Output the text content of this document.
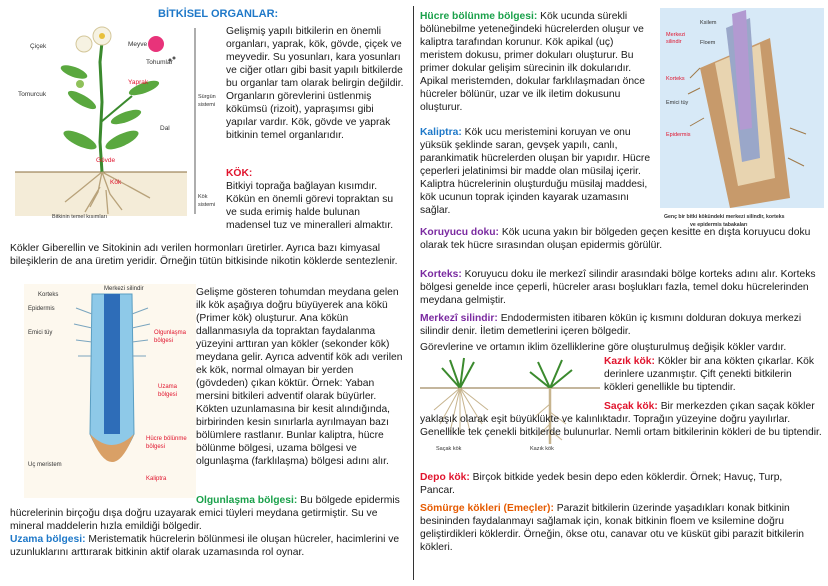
BİTKİSEL ORGANLAR:
Çiçek	Meyve
Tohumlar
Yaprak
Tomurcuk	Sürgün
sistemi
Dal
Gövde
Kök
Kök
sistemi
Bitkinin temel kısımları

Gelişmiş yapılı bitkilerin en önemli organları, yaprak, kök, gövde, çiçek ve meyvedir. Su yosunları, kara yosunları ve ciğer otları gibi basit yapılı bitkilerde bu organlar tam olarak belirgin değildir. Organların görevlerini üstlenmiş kökümsü (rizoit), yapraşımsı gibi yapılar vardır. Kök, gövde ve yaprak bitkinin temel organlarıdır.

KÖK:
Bitkiyi toprağa bağlayan kısımdır. Kökün en önemli görevi topraktan su ve suda erimiş halde bulunan madensel tuz ve mineralleri almaktır.

Kökler Giberellin ve Sitokinin adı verilen hormonları üretirler. Ayrıca bazı kimyasal bileşiklerin de ana üretim yeridir. Örneğin tütün bitkisinde nikotin köklerde sentezlenir.

Korteks
Merkezi silindir
Epidermis
Emici tüy	Olgunlaşma
bölgesi
Uzama
bölgesi
Hücre bölünme
bölgesi
Uç meristem
Kaliptra

Gelişme gösteren tohumdan meydana gelen ilk kök aşağıya doğru büyüyerek ana kökü (Primer kök) oluşturur. Ana kökün dallanmasıyla da topraktan faydalanma yüzeyini arttıran yan kökler (sekonder kök) meydana gelir. Ayrıca adventif kök adı verilen ek kök, normal olmayan bir yerden (gövdeden) çıkan köktür. Örnek: Yaban mersini bitkileri adventif olarak büyürler. Kökten uzunlamasına bir kesit alındığında, birbirinden kesin sınırlarla ayrılmayan bazı bölümlere rastlanır. Bunlar kaliptra, hücre bölünme bölgesi, uzama bölgesi ve olgunlaşma (farklılaşma) bölgesi adını alır.

Olgunlaşma bölgesi: Bu bölgede epidermis hücrelerinin birçoğu dışa doğru uzayarak emici tüyleri meydana getirmiştir. Su ve mineral maddelerin hızla emildiği bölgedir.

Uzama bölgesi: Meristematik hücrelerin bölünmesi ile oluşan hücreler, hacimlerini ve uzunluklarını arttırarak bitkinin aktif olarak uzamasında rol oynar.

Hücre bölünme bölgesi: Kök ucunda sürekli bölünebilme yeteneğindeki hücrelerden oluşur ve kaliptra tarafından korunur. Kök apikal (uç) meristem dokusu, primer dokuları oluşturur. Bu primer dokular gelişim sürecinin ilk dokularıdır. Apikal meristemden, dokular farklılaşmadan önce hücreler bölünür, uzar ve ilk iletim dokusunu oluşturur.
Kaliptra: Kök ucu meristemini koruyan ve onu yüksük şeklinde saran, gevşek yapılı, canlı, parankimatik hücrelerden oluşan bir yapıdır. Hücre çeperleri jelatinimsi bir madde olan müsilaj içerir. Kaliptra hücrelerinin oluşturduğu müsilaj maddesi, kök ucunun toprak içinden kayarak uzamasını sağlar.
Merkezi
silindir
Ksilem
Floem
Korteks
Emici tüy
Epidermis
Genç bir bitki kökündeki merkezi silindir, korteks
ve epidermis tabakaları
Koruyucu doku: Kök ucuna yakın bir bölgeden geçen kesitte en dışta koruyucu doku olarak tek hücre sırasından oluşan epidermis görülür.
Korteks: Koruyucu doku ile merkezî silindir arasındaki bölge korteks adını alır. Korteks bölgesi genelde ince çeperli, hücreler arası boşlukları fazla, temel doku hücrelerinden meydana gelmiştir.
Merkezî silindir: Endodermisten itibaren kökün iç kısmını dolduran dokuya merkezi silindir denir. İletim demetlerini içeren bölgedir.

Görevlerine ve ortamın iklim özelliklerine göre oluşturulmuş değişik kökler vardır.

Saçak kök	Kazık kök
Kazık kök: Kökler bir ana kökten çıkarlar. Kök derinlere uzanmıştır. Çift çenekti bitkilerin kökleri genellikle bu tiptendir.
Saçak kök: Bir merkezden çıkan saçak kökler yaklaşık olarak eşit büyüklükte ve kalınlıktadır. Toprağın yüzeyine doğru yayılırlar. Genellikle tek çenekli bitkilerde bulunurlar. Nemli ortam bitkilerinin kökleri de bu tiptendir.
Depo kök: Birçok bitkide yedek besin depo eden köklerdir. Örnek; Havuç, Turp, Pancar.
Sömürge kökleri (Emeçler): Parazit bitkilerin üzerinde yaşadıkları konak bitkinin besininden faydalanmayı sağlamak için, konak bitkinin floem ve ksilemine doğru geliştirdikleri köklerdir. Örneğin, ökse otu, canavar otu ve küsküt gibi parazit bitkilerin kökleri.
